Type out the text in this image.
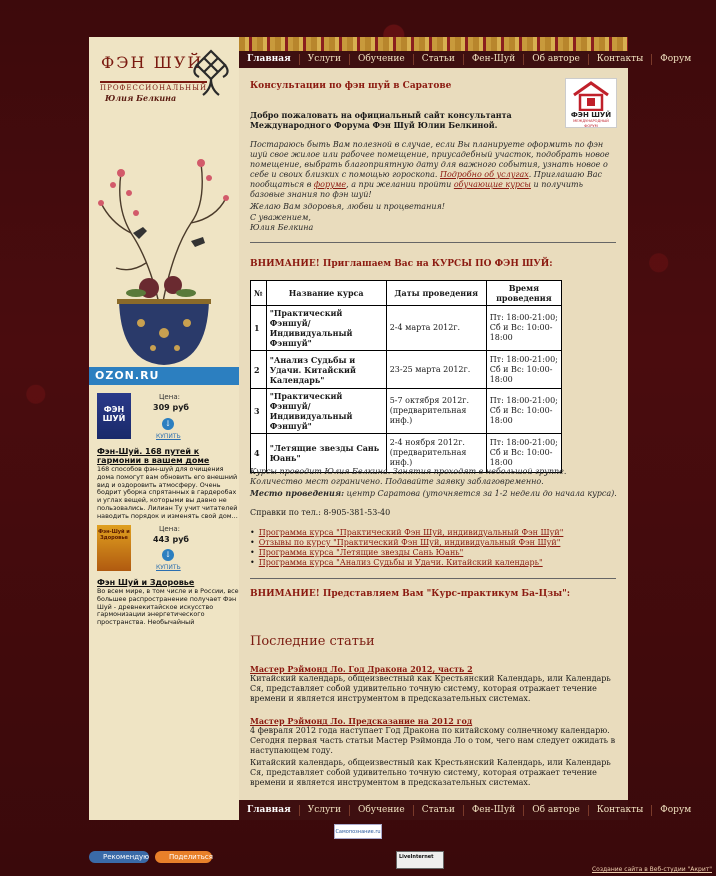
ФЭН ШУЙ
ПРОФЕССИОНАЛЬНЫЙ
Юлия Белкина
OZON.RU
ФЭН ШУЙ
Цена:
309 руб
↓
КУПИТЬ
Фэн-Шуй. 168 путей к гармонии в вашем доме
168 способов фэн-шуй для очищения дома помогут вам обновить его внешний вид и оздоровить атмосферу. Очень бодрит уборка спрятанных в гардеробах и углах вещей, которыми вы давно не пользовались. Лилиан Ту учит читателей наводить порядок и изменять свой дом...
Фэн-Шуй и Здоровье
Цена:
443 руб
↓
КУПИТЬ
Фэн Шуй и Здоровье
Во всем мире, в том числе и в России, все большее распространение получает Фэн Шуй - древнекитайское искусство гармонизации энергетического пространства. Необычайный
Главная	Услуги	Обучение	Статьи	Фен-Шуй	Об авторе	Контакты	Форум
Консультации по фэн шуй в Саратове
ФЭН ШУЙ
МЕЖДУНАРОДНЫЙ ФОРУМ
Добро пожаловать на официальный сайт консультанта Международного Форума Фэн Шуй Юлии Белкиной.
Постараюсь быть Вам полезной в случае, если Вы планируете оформить по фэн шуй свое жилое или рабочее помещение, приусадебный участок, подобрать новое помещение, выбрать благоприятную дату для важного события, узнать новое о себе и своих близких с помощью гороскопа. Подробно об услугах. Приглашаю Вас пообщаться в форуме, а при желании пройти обучающие курсы и получить базовые знания по фэн шуй!
Желаю Вам здоровья, любви и процветания!
С уважением,
Юлия Белкина
ВНИМАНИЕ! Приглашаем Вас на КУРСЫ ПО ФЭН ШУЙ:
№	Название курса	Даты проведения	Время проведения
1	"Практический Фэншуй/ Индивидуальный Фэншуй"	2-4 марта 2012г.	Пт: 18:00-21:00; Сб и Вс: 10:00-18:00
2	"Анализ Судьбы и Удачи. Китайский Календарь"	23-25 марта 2012г.	Пт: 18:00-21:00; Сб и Вс: 10:00-18:00
3	"Практический Фэншуй/ Индивидуальный Фэншуй"	5-7 октября 2012г. (предварительная инф.)	Пт: 18:00-21:00; Сб и Вс: 10:00-18:00
4	"Летящие звезды Сань Юань"	2-4 ноября 2012г. (предварительная инф.)	Пт: 18:00-21:00; Сб и Вс: 10:00-18:00
Курсы проводит Юлия Белкина. Занятия проходят в небольшой группе. Количество мест ограничено. Подавайте заявку заблаговременно.
Место проведения: центр Саратова (уточняется за 1-2 недели до начала курса).
Справки по тел.: 8-905-381-53-40
• Программа курса "Практический Фэн Шуй, индивидуальный Фэн Шуй"
• Отзывы по курсу "Практический Фэн Шуй, индивидуальный Фэн Шуй"
• Программа курса "Летящие звезды Сань Юань"
• Программа курса "Анализ Судьбы и Удачи. Китайский календарь"
ВНИМАНИЕ! Представляем Вам "Курс-практикум Ба-Цзы":
Последние статьи
Мастер Рэймонд Ло. Год Дракона 2012, часть 2
Китайский календарь, общеизвестный как Крестьянский Календарь, или Календарь Ся, представляет собой удивительно точную систему, которая отражает течение времени и является инструментом в предсказательных системах.
Мастер Рэймонд Ло. Предсказание на 2012 год
4 февраля 2012 года наступает Год Дракона по китайскому солнечному календарю. Сегодня первая часть статьи Мастер Рэймонда Ло о том, чего нам следует ожидать в наступающем году.
Китайский календарь, общеизвестный как Крестьянский Календарь, или Календарь Ся, представляет собой удивительно точную систему, которая отражает течение времени и является инструментом в предсказательных системах.
Главная	Услуги	Обучение	Статьи	Фен-Шуй	Об авторе	Контакты	Форум
Самопознание.ru
Рекомендую	Поделиться	LiveInternet
Создание сайта в Веб-студии "Акрит"
